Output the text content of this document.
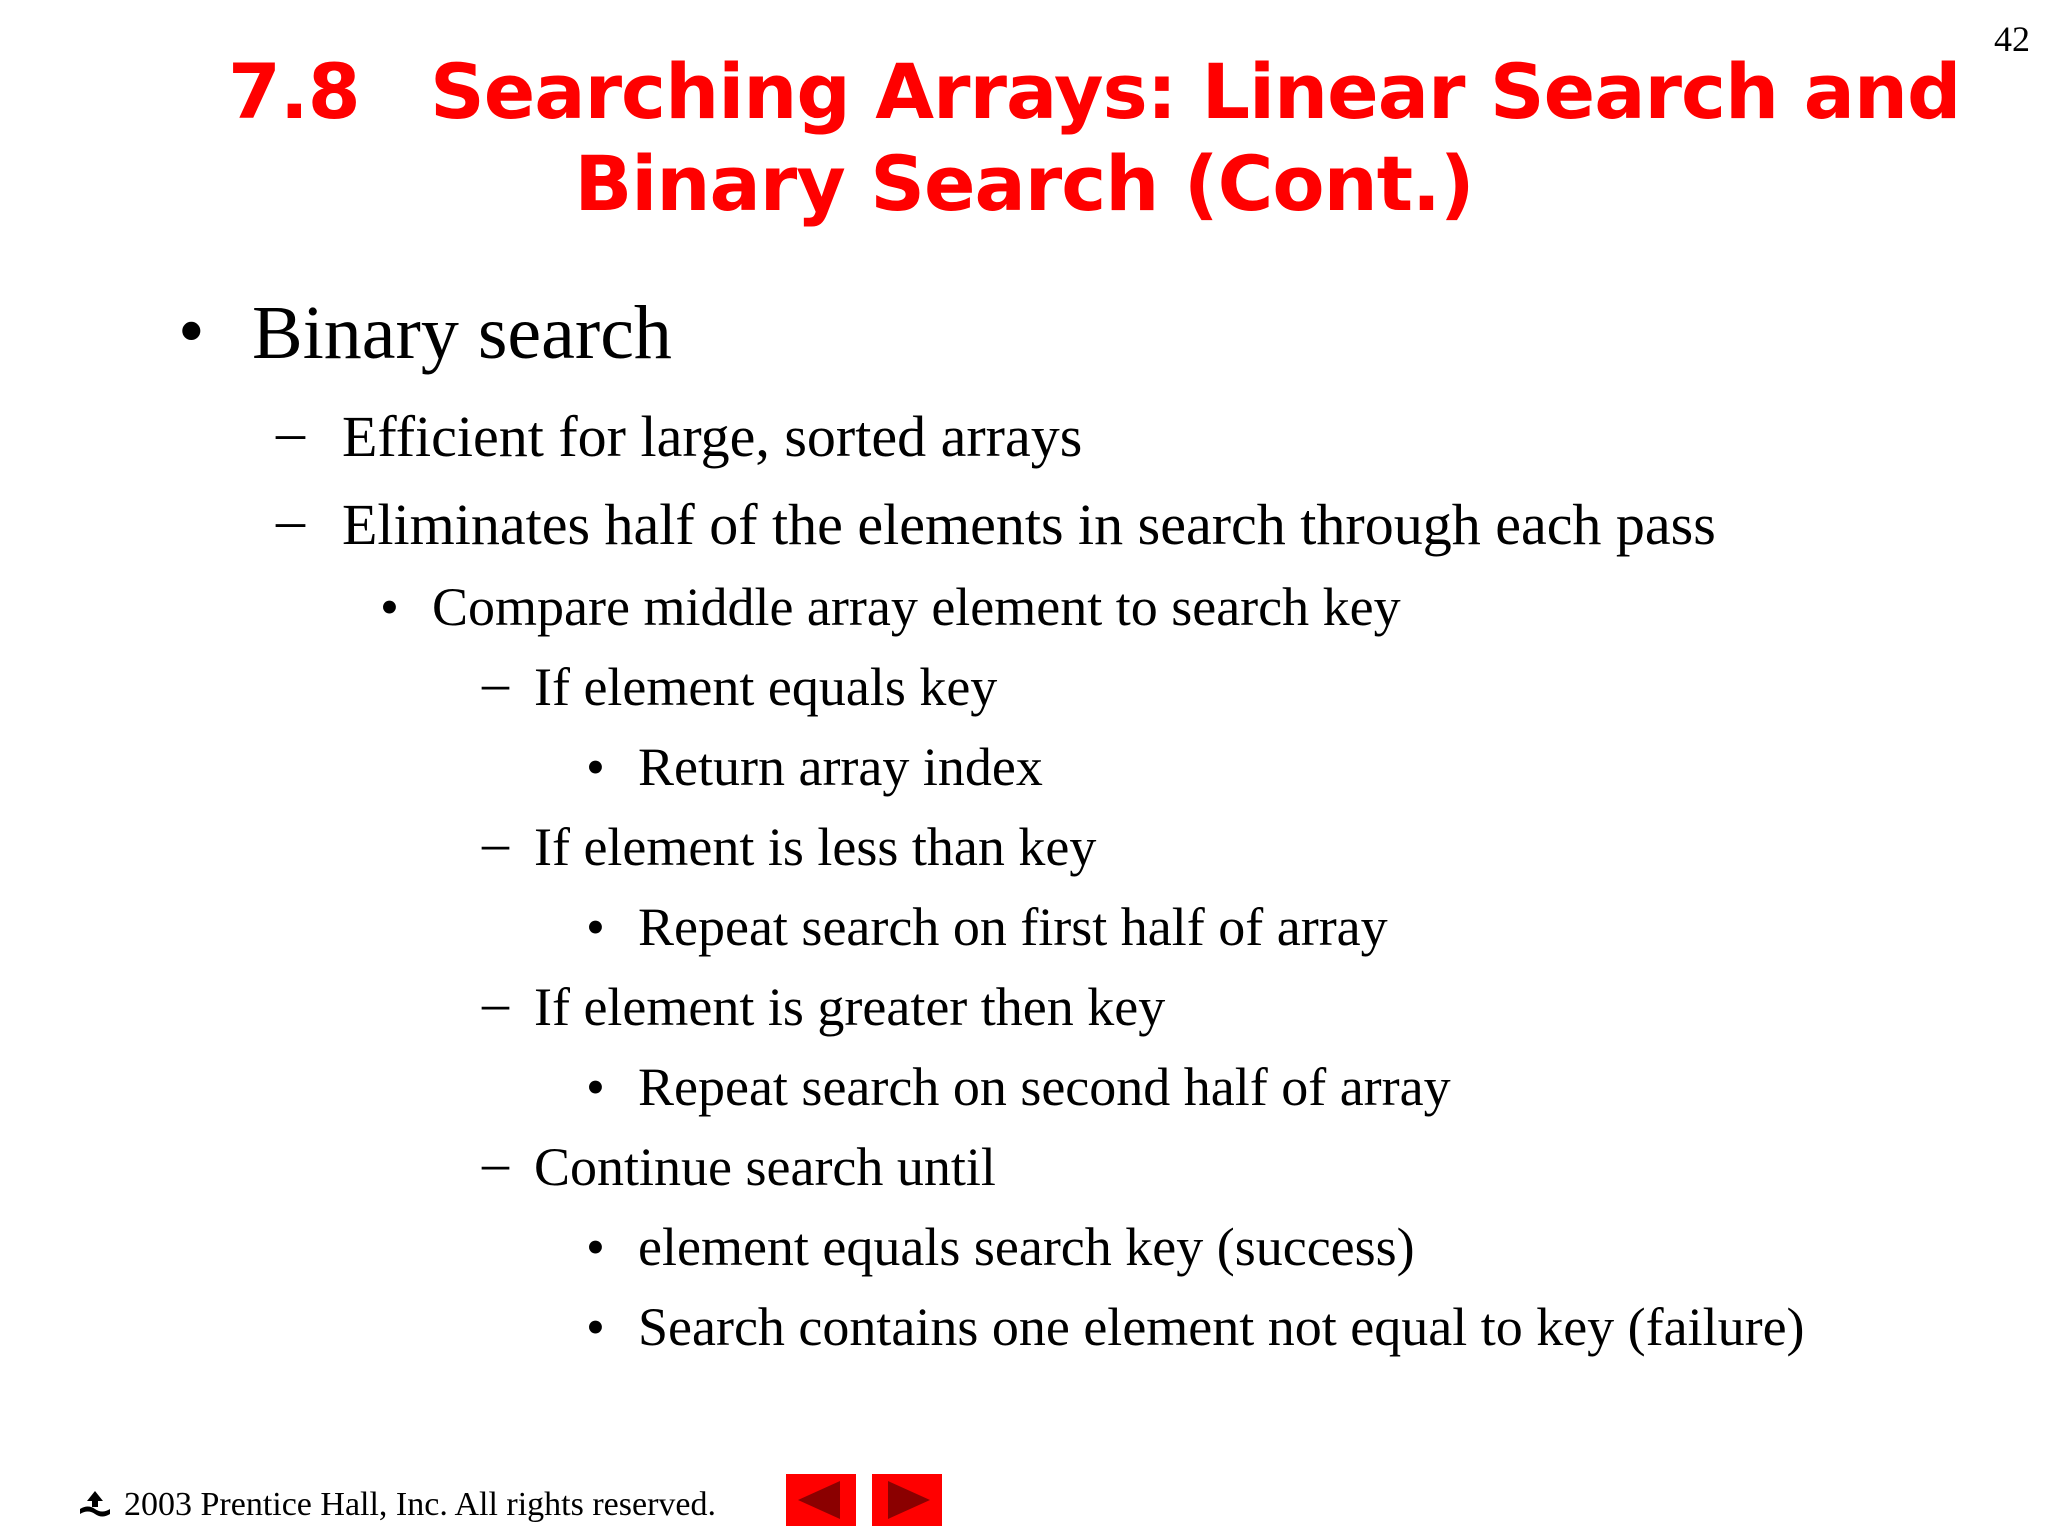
42
7.8 Searching Arrays: Linear Search and
Binary Search (Cont.)
• Binary search
– Efficient for large, sorted arrays
– Eliminates half of the elements in search through each pass
• Compare middle array element to search key
– If element equals key
• Return array index
– If element is less than key
• Repeat search on first half of array
– If element is greater then key
• Repeat search on second half of array
– Continue search until
• element equals search key (success)
• Search contains one element not equal to key (failure)
2003 Prentice Hall, Inc. All rights reserved.
